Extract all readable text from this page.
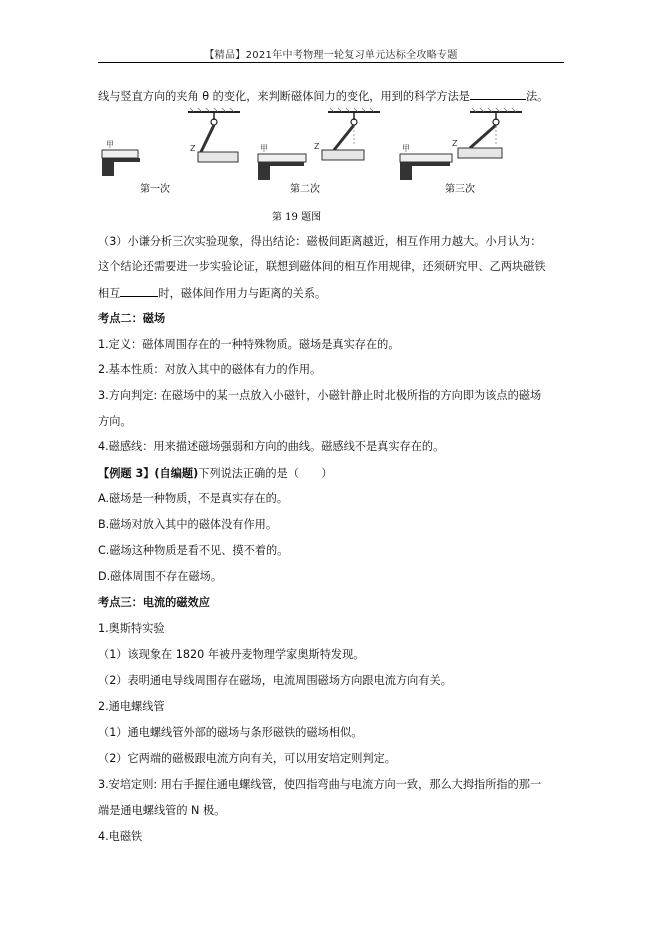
【精品】2021年中考物理一轮复习单元达标全攻略专题
线与竖直方向的夹角 θ 的变化，来判断磁体间力的变化，用到的科学方法是	法。
Z
甲
第一次
Z
甲
第二次
Z
甲
第三次
第 19 题图
（3）小谦分析三次实验现象，得出结论：磁极间距离越近，相互作用力越大。小月认为：
这个结论还需要进一步实验论证，联想到磁体间的相互作用规律，还须研究甲、乙两块磁铁
相互	时，磁体间作用力与距离的关系。
考点二：磁场
1.定义：磁体周围存在的一种特殊物质。磁场是真实存在的。
2.基本性质：对放入其中的磁体有力的作用。
3.方向判定: 在磁场中的某一点放入小磁针，小磁针静止时北极所指的方向即为该点的磁场
方向。
4.磁感线：用来描述磁场强弱和方向的曲线。磁感线不是真实存在的。
【例题 3】(自编题)下列说法正确的是（　　）
A.磁场是一种物质，不是真实存在的。
B.磁场对放入其中的磁体没有作用。
C.磁场这种物质是看不见、摸不着的。
D.磁体周围不存在磁场。
考点三：电流的磁效应
1.奥斯特实验
（1）该现象在 1820 年被丹麦物理学家奥斯特发现。
（2）表明通电导线周围存在磁场，电流周围磁场方向跟电流方向有关。
2.通电螺线管
（1）通电螺线管外部的磁场与条形磁铁的磁场相似。
（2）它两端的磁极跟电流方向有关，可以用安培定则判定。
3.安培定则: 用右手握住通电螺线管，使四指弯曲与电流方向一致，那么大拇指所指的那一
端是通电螺线管的 N 极。
4.电磁铁
